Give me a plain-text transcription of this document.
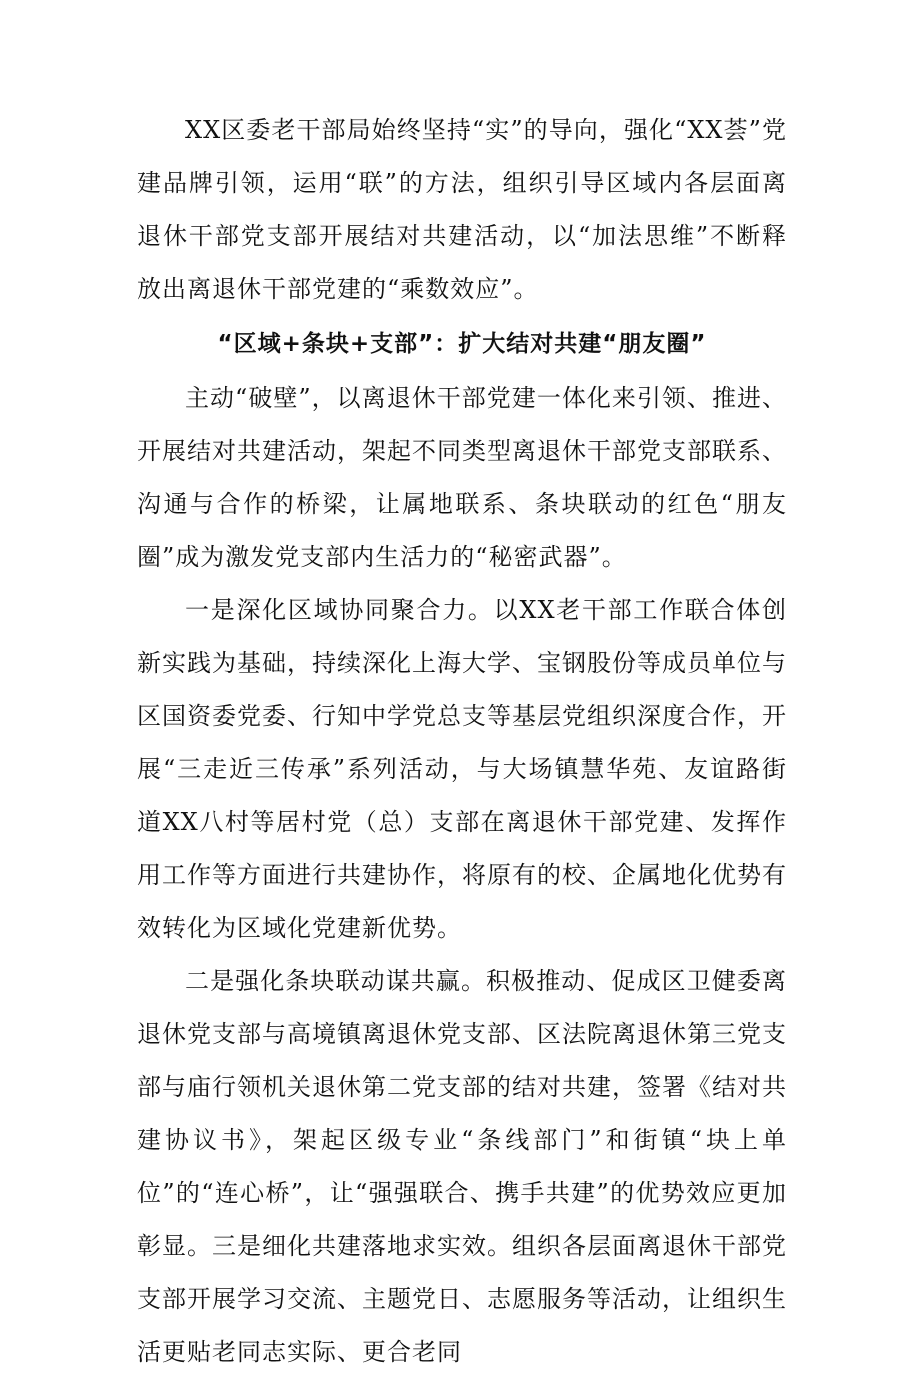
XX区委老干部局始终坚持“实”的导向，强化“XX荟”党建品牌引领，运用“联”的方法，组织引导区域内各层面离退休干部党支部开展结对共建活动，以“加法思维”不断释放出离退休干部党建的“乘数效应”。

“区域+条块+支部”：扩大结对共建“朋友圈”

主动“破壁”，以离退休干部党建一体化来引领、推进、开展结对共建活动，架起不同类型离退休干部党支部联系、沟通与合作的桥梁，让属地联系、条块联动的红色“朋友圈”成为激发党支部内生活力的“秘密武器”。

一是深化区域协同聚合力。以XX老干部工作联合体创新实践为基础，持续深化上海大学、宝钢股份等成员单位与区国资委党委、行知中学党总支等基层党组织深度合作，开展“三走近三传承”系列活动，与大场镇慧华苑、友谊路街道XX八村等居村党（总）支部在离退休干部党建、发挥作用工作等方面进行共建协作，将原有的校、企属地化优势有效转化为区域化党建新优势。

二是强化条块联动谋共赢。积极推动、促成区卫健委离退休党支部与高境镇离退休党支部、区法院离退休第三党支部与庙行领机关退休第二党支部的结对共建，签署《结对共建协议书》，架起区级专业“条线部门”和街镇“块上单位”的“连心桥”，让“强强联合、携手共建”的优势效应更加彰显。三是细化共建落地求实效。组织各层面离退休干部党支部开展学习交流、主题党日、志愿服务等活动，让组织生活更贴老同志实际、更合老同
